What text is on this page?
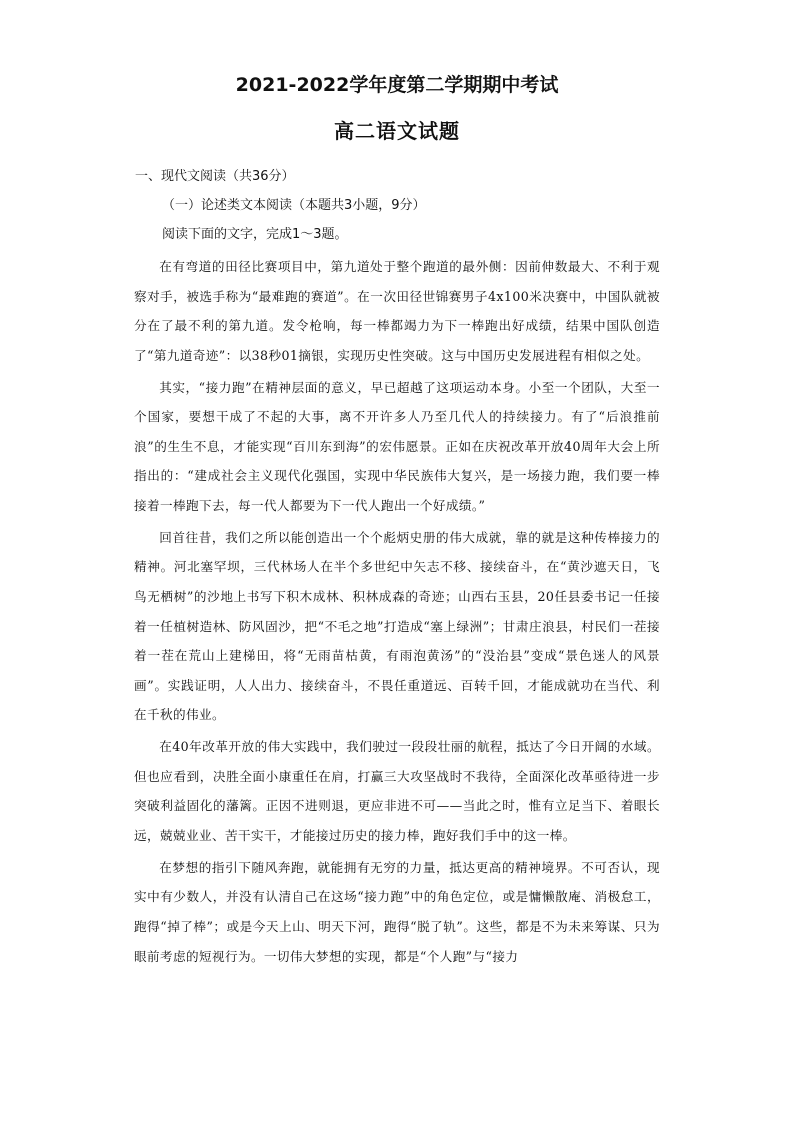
2021-2022学年度第二学期期中考试
高二语文试题
一、现代文阅读（共36分）
（一）论述类文本阅读（本题共3小题，9分）
阅读下面的文字，完成1～3题。

在有弯道的田径比赛项目中，第九道处于整个跑道的最外侧：因前伸数最大、不利于观察对手，被选手称为“最难跑的赛道”。在一次田径世锦赛男子4x100米决赛中，中国队就被分在了最不利的第九道。发令枪响，每一棒都竭力为下一棒跑出好成绩，结果中国队创造了“第九道奇迹”：以38秒01摘银，实现历史性突破。这与中国历史发展进程有相似之处。

其实，“接力跑”在精神层面的意义，早已超越了这项运动本身。小至一个团队，大至一个国家，要想干成了不起的大事，离不开许多人乃至几代人的持续接力。有了“后浪推前浪”的生生不息，才能实现“百川东到海”的宏伟愿景。正如在庆祝改革开放40周年大会上所指出的：“建成社会主义现代化强国，实现中华民族伟大复兴，是一场接力跑，我们要一棒接着一棒跑下去，每一代人都要为下一代人跑出一个好成绩。”

回首往昔，我们之所以能创造出一个个彪炳史册的伟大成就，靠的就是这种传棒接力的精神。河北塞罕坝，三代林场人在半个多世纪中矢志不移、接续奋斗，在“黄沙遮天日，飞鸟无栖树”的沙地上书写下积木成林、积林成森的奇迹；山西右玉县，20任县委书记一任接着一任植树造林、防风固沙，把“不毛之地”打造成“塞上绿洲”；甘肃庄浪县，村民们一茬接着一茬在荒山上建梯田，将“无雨苗枯黄，有雨泡黄汤”的“没治县”变成“景色迷人的风景画”。实践证明，人人出力、接续奋斗，不畏任重道远、百转千回，才能成就功在当代、利在千秋的伟业。

在40年改革开放的伟大实践中，我们驶过一段段壮丽的航程，抵达了今日开阔的水域。但也应看到，决胜全面小康重任在肩，打赢三大攻坚战时不我待，全面深化改革亟待进一步突破利益固化的藩篱。正因不进则退，更应非进不可——当此之时，惟有立足当下、着眼长远，兢兢业业、苦干实干，才能接过历史的接力棒，跑好我们手中的这一棒。

在梦想的指引下随风奔跑，就能拥有无穷的力量，抵达更高的精神境界。不可否认，现实中有少数人，并没有认清自己在这场“接力跑”中的角色定位，或是慵懒散庵、消极怠工，跑得“掉了棒”；或是今天上山、明天下河，跑得“脱了轨”。这些，都是不为未来筹谋、只为眼前考虑的短视行为。一切伟大梦想的实现，都是“个人跑”与“接力
